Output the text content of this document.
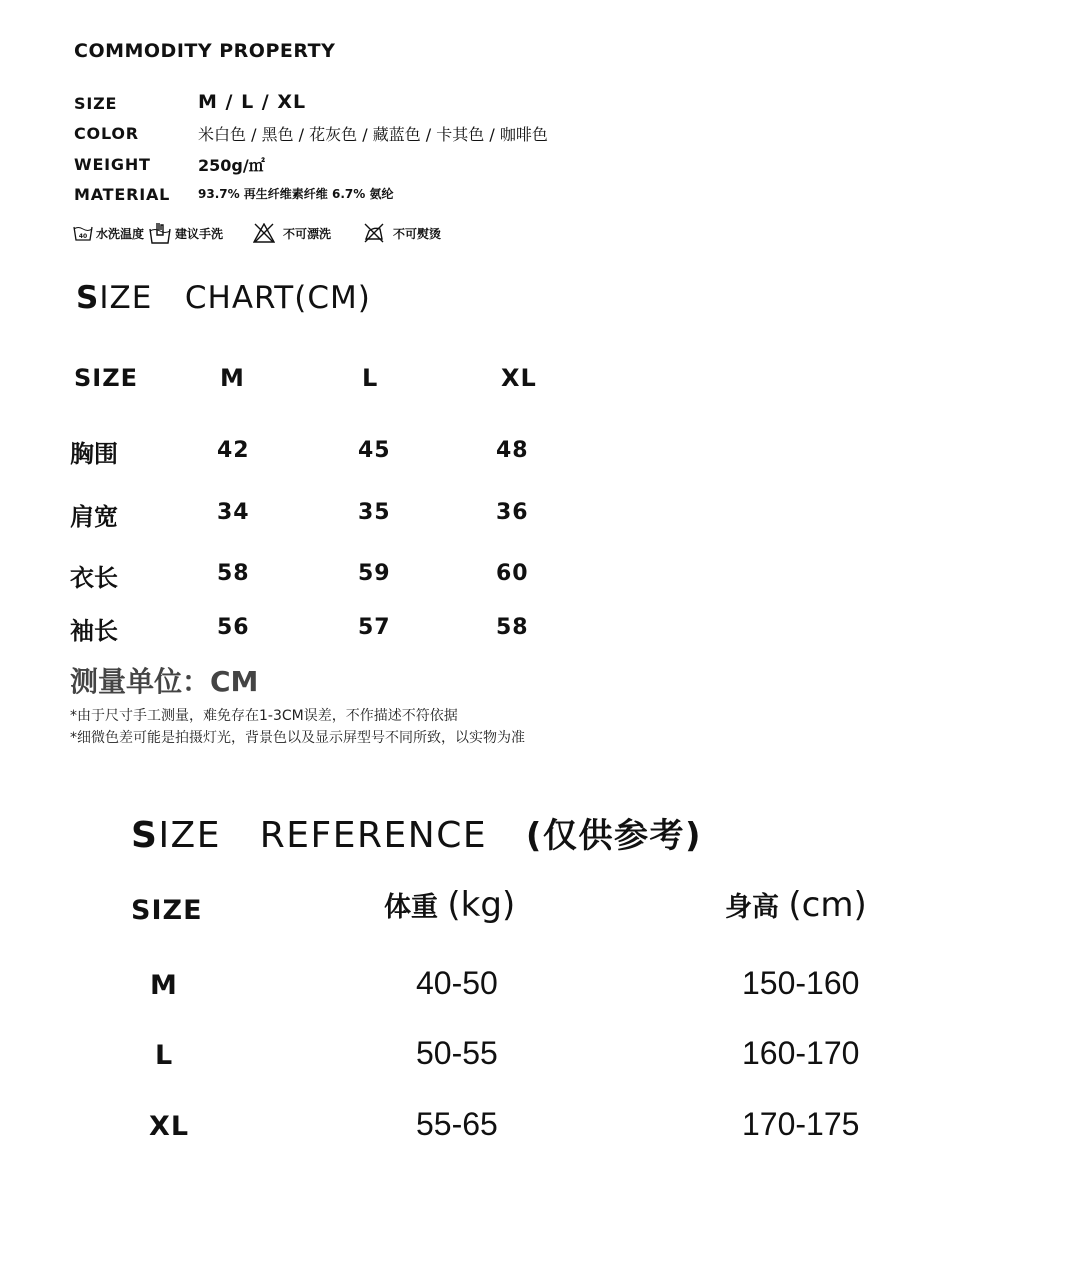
COMMODITY PROPERTY
SIZE	M / L / XL
COLOR	米白色 / 黑色 / 花灰色 / 藏蓝色 / 卡其色 / 咖啡色
WEIGHT	250g/㎡
MATERIAL 93.7% 再生纤维素纤维 6.7% 氨纶
40 水洗温度	建议手洗	不可漂洗	不可熨烫
SIZE   CHART(CM)
SIZE	M	L	XL
胸围	42	45	48
肩宽	34	35	36
衣长	58	59	60
袖长	56	57	58
测量单位：CM
*由于尺寸手工测量，难免存在1-3CM误差，不作描述不符依据
*细微色差可能是拍摄灯光，背景色以及显示屏型号不同所致，以实物为准
SIZE   REFERENCE   (仅供参考)
SIZE	体重 (kg)	身高 (cm)
M	40-50	150-160
L	50-55	160-170
XL	55-65	170-175
